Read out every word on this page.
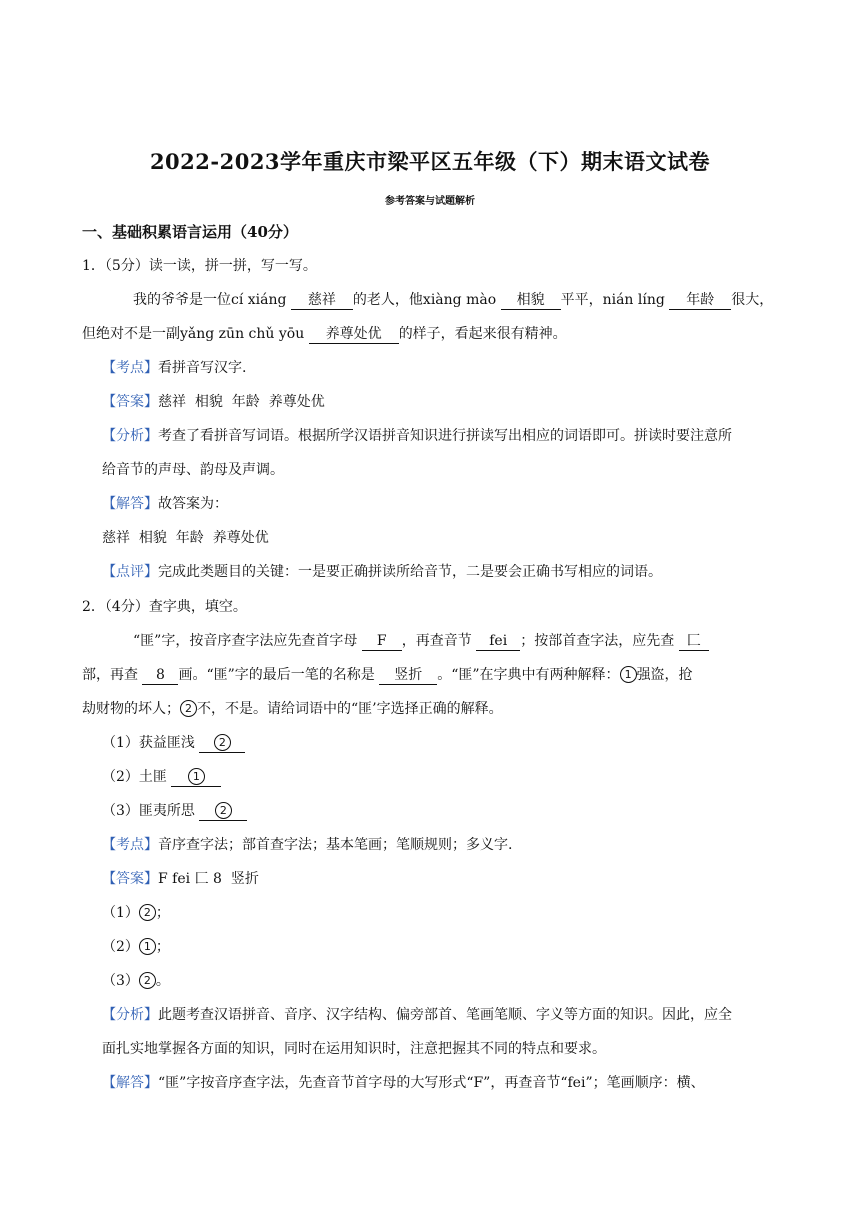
2022-2023学年重庆市梁平区五年级（下）期末语文试卷
参考答案与试题解析
一、基础积累语言运用（40分）
1．（5分）读一读，拼一拼，写一写。
我的爷爷是一位cí xiáng 慈祥 的老人，他xiàng mào 相貌 平平，nián líng 年龄 很大，
但绝对不是一副yǎng zūn chǔ yōu 养尊处优 的样子，看起来很有精神。
【考点】看拼音写汉字.
【答案】慈祥  相貌  年龄  养尊处优
【分析】考查了看拼音写词语。根据所学汉语拼音知识进行拼读写出相应的词语即可。拼读时要注意所
给音节的声母、韵母及声调。
【解答】故答案为：
慈祥  相貌  年龄  养尊处优
【点评】完成此类题目的关键：一是要正确拼读所给音节，二是要会正确书写相应的词语。
2．（4分）查字典，填空。
“匪”字，按音序查字法应先查首字母 F ，再查音节 fei ；按部首查字法，应先查 匚
部，再查 8 画。“匪”字的最后一笔的名称是 竖折 。“匪”在字典中有两种解释： 1 强盗，抢
劫财物的坏人； 2 不，不是。请给词语中的“匪’字选择正确的解释。
（1）获益匪浅 2
（2）土匪 1
（3）匪夷所思 2
【考点】音序查字法；部首查字法；基本笔画；笔顺规则；多义字.
【答案】F fei 匚 8  竖折
（1） 2 ；
（2） 1 ；
（3） 2 。
【分析】此题考查汉语拼音、音序、汉字结构、偏旁部首、笔画笔顺、字义等方面的知识。因此，应全
面扎实地掌握各方面的知识，同时在运用知识时，注意把握其不同的特点和要求。
【解答】“匪”字按音序查字法，先查音节首字母的大写形式“F”，再查音节“fei”；笔画顺序：横、
